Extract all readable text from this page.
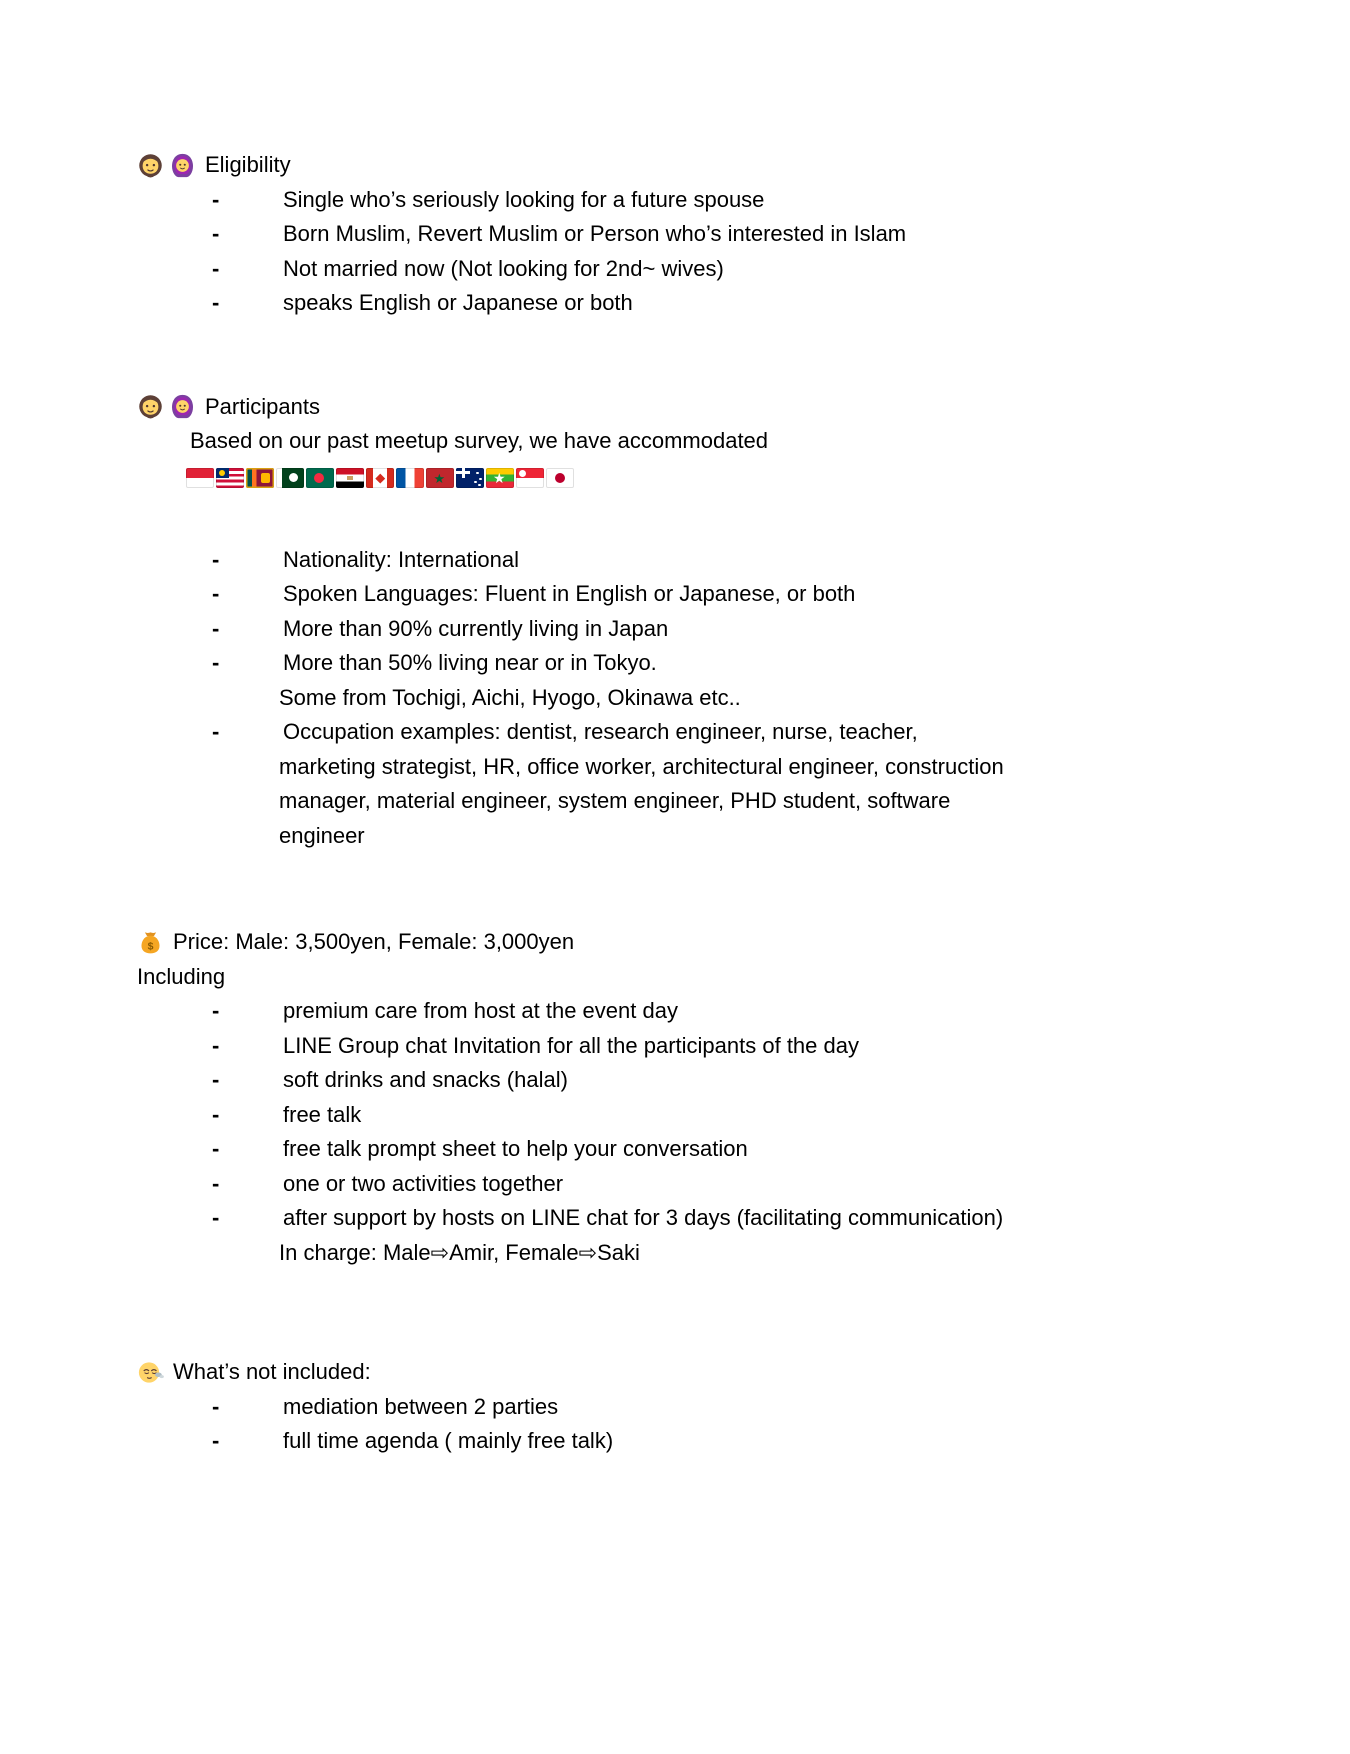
Eligibility
-	Single who’s seriously looking for a future spouse
-	Born Muslim, Revert Muslim or Person who’s interested in Islam
-	Not married now (Not looking for 2nd~ wives)
-	speaks English or Japanese or both
Participants
Based on our past meetup survey, we have accommodated
★
★
-	Nationality: International
-	Spoken Languages: Fluent in English or Japanese, or both
-	More than 90% currently living in Japan
-	More than 50% living near or in Tokyo.
Some from Tochigi, Aichi, Hyogo, Okinawa etc..
-	Occupation examples: dentist, research engineer, nurse, teacher,
marketing strategist, HR, office worker, architectural engineer, construction
manager, material engineer, system engineer, PHD student, software
engineer
$ Price: Male: 3,500yen, Female: 3,000yen
Including
-	premium care from host at the event day
-	LINE Group chat Invitation for all the participants of the day
-	soft drinks and snacks (halal)
-	free talk
-	free talk prompt sheet to help your conversation
-	one or two activities together
-	after support by hosts on LINE chat for 3 days (facilitating communication)
In charge: Male⇨Amir, Female⇨Saki
What’s not included:
-	mediation between 2 parties
-	full time agenda ( mainly free talk)
